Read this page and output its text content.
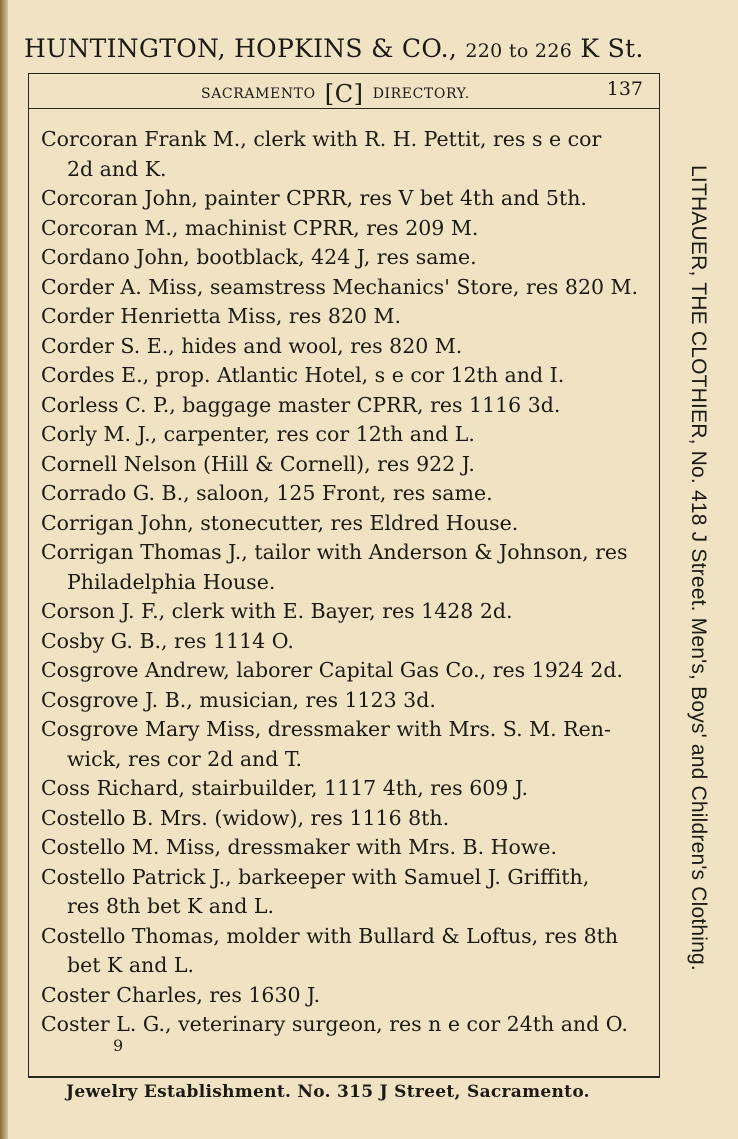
HUNTINGTON, HOPKINS & CO., 220 to 226 K St.
SACRAMENTO [C] DIRECTORY.	137
Corcoran Frank M., clerk with R. H. Pettit, res s e cor
2d and K.
Corcoran John, painter CPRR, res V bet 4th and 5th.
Corcoran M., machinist CPRR, res 209 M.
Cordano John, bootblack, 424 J, res same.
Corder A. Miss, seamstress Mechanics' Store, res 820 M.
Corder Henrietta Miss, res 820 M.
Corder S. E., hides and wool, res 820 M.
Cordes E., prop. Atlantic Hotel, s e cor 12th and I.
Corless C. P., baggage master CPRR, res 1116 3d.
Corly M. J., carpenter, res cor 12th and L.
Cornell Nelson (Hill & Cornell), res 922 J.
Corrado G. B., saloon, 125 Front, res same.
Corrigan John, stonecutter, res Eldred House.
Corrigan Thomas J., tailor with Anderson & Johnson, res
Philadelphia House.
Corson J. F., clerk with E. Bayer, res 1428 2d.
Cosby G. B., res 1114 O.
Cosgrove Andrew, laborer Capital Gas Co., res 1924 2d.
Cosgrove J. B., musician, res 1123 3d.
Cosgrove Mary Miss, dressmaker with Mrs. S. M. Ren-
wick, res cor 2d and T.
Coss Richard, stairbuilder, 1117 4th, res 609 J.
Costello B. Mrs. (widow), res 1116 8th.
Costello M. Miss, dressmaker with Mrs. B. Howe.
Costello Patrick J., barkeeper with Samuel J. Griffith,
res 8th bet K and L.
Costello Thomas, molder with Bullard & Loftus, res 8th
bet K and L.
Coster Charles, res 1630 J.
Coster L. G., veterinary surgeon, res n e cor 24th and O.
9
LITHAUER, THE CLOTHIER, No. 418 J Street. Men's, Boys' and Children's Clothing.
Jewelry Establishment. No. 315 J Street, Sacramento.
